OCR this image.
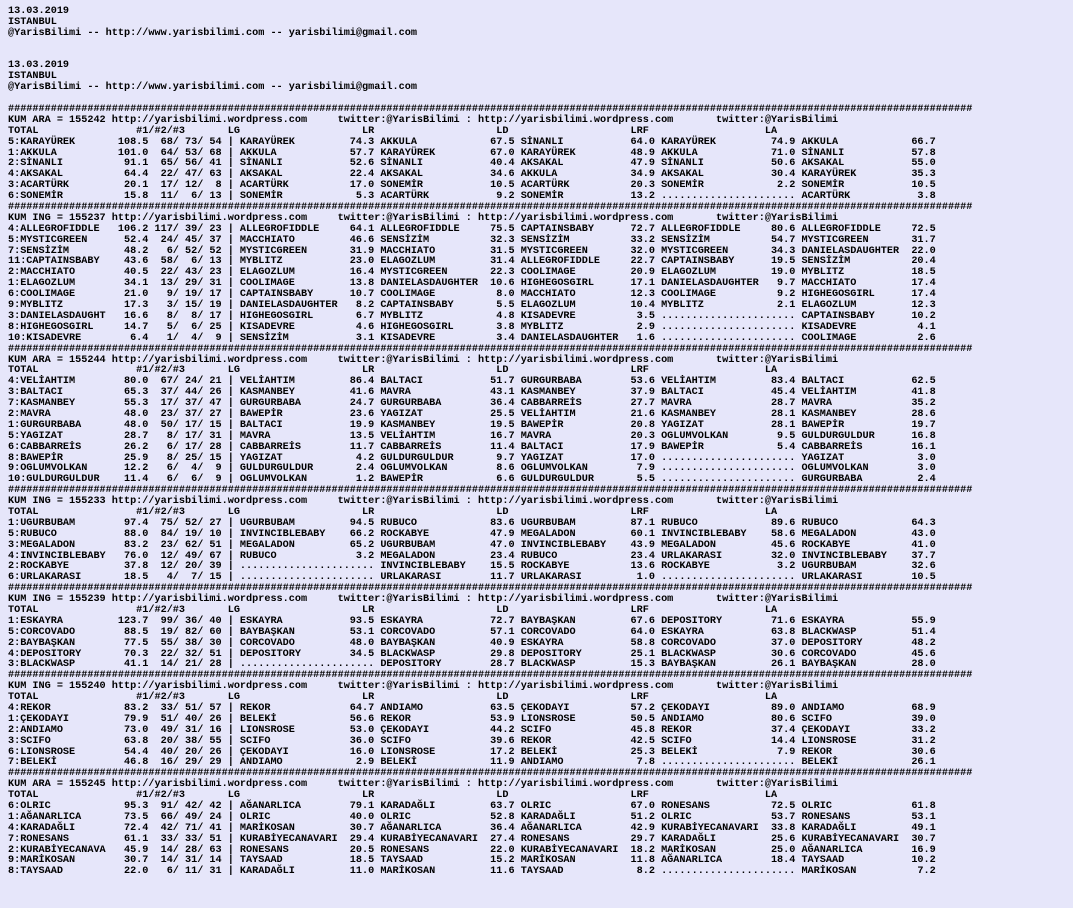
13.03.2019
ISTANBUL
@YarisBilimi -- http://www.yarisbilimi.com -- yarisbilimi@gmail.com

13.03.2019
ISTANBUL
@YarisBilimi -- http://www.yarisbilimi.com -- yarisbilimi@gmail.com

##############################################################################################################################################################
KUM ARA = 155242 http://yarisbilimi.wordpress.com     twitter:@YarisBilimi : http://yarisbilimi.wordpress.com       twitter:@YarisBilimi
TOTAL                #1/#2/#3       LG                    LR                    LD                    LRF                   LA
5:KARAYÜREK       108.5  68/ 73/ 54 | KARAYÜREK         74.3 AKKULA            67.5 SİNANLI           64.0 KARAYÜREK         74.9 AKKULA            66.7
1:AKKULA          101.0  64/ 53/ 68 | AKKULA            57.7 KARAYÜREK         67.0 KARAYÜREK         48.9 AKKULA            71.0 SİNANLI           57.8
2:SİNANLI          91.1  65/ 56/ 41 | SİNANLI           52.6 SİNANLI           40.4 AKSAKAL           47.9 SİNANLI           50.6 AKSAKAL           55.0
4:AKSAKAL          64.4  22/ 47/ 63 | AKSAKAL           22.4 AKSAKAL           34.6 AKKULA            34.9 AKSAKAL           30.4 KARAYÜREK         35.3
3:ACARTÜRK         20.1  17/ 12/  8 | ACARTÜRK          17.0 SONEMİR           10.5 ACARTÜRK          20.3 SONEMİR            2.2 SONEMİR           10.5
6:SONEMİR          15.8  11/  6/ 13 | SONEMİR            5.3 ACARTÜRK           9.2 SONEMİR           13.2 ...................... ACARTÜRK           3.8
##############################################################################################################################################################
KUM ING = 155237 http://yarisbilimi.wordpress.com     twitter:@YarisBilimi : http://yarisbilimi.wordpress.com       twitter:@YarisBilimi
4:ALLEGROFIDDLE   106.2 117/ 39/ 23 | ALLEGROFIDDLE     64.1 ALLEGROFIDDLE     75.5 CAPTAINSBABY      72.7 ALLEGROFIDDLE     80.6 ALLEGROFIDDLE     72.5
5:MYSTICGREEN      52.4  24/ 45/ 37 | MACCHIATO         46.6 SENSİZİM          32.3 SENSİZİM          33.2 SENSİZİM          54.7 MYSTICGREEN       31.7
7:SENSİZİM         48.2   6/ 52/ 52 | MYSTICGREEN       31.9 MACCHIATO         31.5 MYSTICGREEN       32.0 MYSTICGREEN       34.3 DANIELASDAUGHTER  22.0
11:CAPTAINSBABY    43.6  58/  6/ 13 | MYBLITZ           23.0 ELAGOZLUM         31.4 ALLEGROFIDDLE     22.7 CAPTAINSBABY      19.5 SENSİZİM          20.4
2:MACCHIATO        40.5  22/ 43/ 23 | ELAGOZLUM         16.4 MYSTICGREEN       22.3 COOLIMAGE         20.9 ELAGOZLUM         19.0 MYBLITZ           18.5
1:ELAGOZLUM        34.1  13/ 29/ 31 | COOLIMAGE         13.8 DANIELASDAUGHTER  10.6 HIGHEGOSGIRL      17.1 DANIELASDAUGHTER   9.7 MACCHIATO         17.4
6:COOLIMAGE        21.0   9/ 19/ 17 | CAPTAINSBABY      10.7 COOLIMAGE          8.0 MACCHIATO         12.3 COOLIMAGE          9.2 HIGHEGOSGIRL      17.4
9:MYBLITZ          17.3   3/ 15/ 19 | DANIELASDAUGHTER   8.2 CAPTAINSBABY       5.5 ELAGOZLUM         10.4 MYBLITZ            2.1 ELAGOZLUM         12.3
3:DANIELASDAUGHT   16.6   8/  8/ 17 | HIGHEGOSGIRL       6.7 MYBLITZ            4.8 KISADEVRE          3.5 ...................... CAPTAINSBABY      10.2
8:HIGHEGOSGIRL     14.7   5/  6/ 25 | KISADEVRE          4.6 HIGHEGOSGIRL       3.8 MYBLITZ            2.9 ...................... KISADEVRE          4.1
10:KISADEVRE        6.4   1/  4/  9 | SENSİZİM           3.1 KISADEVRE          3.4 DANIELASDAUGHTER   1.6 ...................... COOLIMAGE          2.6
##############################################################################################################################################################
KUM ARA = 155244 http://yarisbilimi.wordpress.com     twitter:@YarisBilimi : http://yarisbilimi.wordpress.com       twitter:@YarisBilimi
TOTAL                #1/#2/#3       LG                    LR                    LD                    LRF                   LA
4:VELİAHTIM        80.0  67/ 24/ 21 | VELİAHTIM         86.4 BALTACI           51.7 GURGURBABA        53.6 VELİAHTIM         83.4 BALTACI           62.5
3:BALTACI          65.3  37/ 44/ 26 | KASMANBEY         41.6 MAVRA             43.1 KASMANBEY         37.9 BALTACI           45.4 VELİAHTIM         41.8
7:KASMANBEY        55.3  17/ 37/ 47 | GURGURBABA        24.7 GURGURBABA        36.4 CABBARREİS        27.7 MAVRA             28.7 MAVRA             35.2
2:MAVRA            48.0  23/ 37/ 27 | BAWEPİR           23.6 YAGIZAT           25.5 VELİAHTIM         21.6 KASMANBEY         28.1 KASMANBEY         28.6
1:GURGURBABA       48.0  50/ 17/ 15 | BALTACI           19.9 KASMANBEY         19.5 BAWEPİR           20.8 YAGIZAT           28.1 BAWEPİR           19.7
5:YAGIZAT          28.7   8/ 17/ 31 | MAVRA             13.5 VELİAHTIM         16.7 MAVRA             20.3 OGLUMVOLKAN        9.5 GULDURGULDUR      16.8
6:CABBARREİS       26.2   6/ 17/ 28 | CABBARREİS        11.7 CABBARREİS        11.4 BALTACI           17.9 BAWEPİR            5.4 CABBARREİS        16.1
8:BAWEPİR          25.9   8/ 25/ 15 | YAGIZAT            4.2 GULDURGULDUR       9.7 YAGIZAT           17.0 ...................... YAGIZAT            3.0
9:OGLUMVOLKAN      12.2   6/  4/  9 | GULDURGULDUR       2.4 OGLUMVOLKAN        8.6 OGLUMVOLKAN        7.9 ...................... OGLUMVOLKAN        3.0
10:GULDURGULDUR    11.4   6/  6/  9 | OGLUMVOLKAN        1.2 BAWEPİR            6.6 GULDURGULDUR       5.5 ...................... GURGURBABA         2.4
##############################################################################################################################################################
KUM ING = 155233 http://yarisbilimi.wordpress.com     twitter:@YarisBilimi : http://yarisbilimi.wordpress.com       twitter:@YarisBilimi
TOTAL                #1/#2/#3       LG                    LR                    LD                    LRF                   LA
1:UGURBUBAM        97.4  75/ 52/ 27 | UGURBUBAM         94.5 RUBUCO            83.6 UGURBUBAM         87.1 RUBUCO            89.6 RUBUCO            64.3
5:RUBUCO           88.0  84/ 19/ 10 | INVINCIBLEBABY    66.2 ROCKABYE          47.9 MEGALADON         60.1 INVINCIBLEBABY    58.6 MEGALADON         43.0
3:MEGALADON        83.2  23/ 62/ 51 | MEGALADON         65.2 UGURBUBAM         47.0 INVINCIBLEBABY    43.9 MEGALADON         45.6 ROCKABYE          41.0
4:INVINCIBLEBABY   76.0  12/ 49/ 67 | RUBUCO             3.2 MEGALADON         23.4 RUBUCO            23.4 URLAKARASI        32.0 INVINCIBLEBABY    37.7
2:ROCKABYE         37.8  12/ 20/ 39 | ...................... INVINCIBLEBABY    15.5 ROCKABYE          13.6 ROCKABYE           3.2 UGURBUBAM         32.6
6:URLAKARASI       18.5   4/  7/ 15 | ...................... URLAKARASI        11.7 URLAKARASI         1.0 ...................... URLAKARASI        10.5
##############################################################################################################################################################
KUM ING = 155239 http://yarisbilimi.wordpress.com     twitter:@YarisBilimi : http://yarisbilimi.wordpress.com       twitter:@YarisBilimi
TOTAL                #1/#2/#3       LG                    LR                    LD                    LRF                   LA
1:ESKAYRA         123.7  99/ 36/ 40 | ESKAYRA           93.5 ESKAYRA           72.7 BAYBAŞKAN         67.6 DEPOSITORY        71.6 ESKAYRA           55.9
5:CORCOVADO        88.5  19/ 82/ 60 | BAYBAŞKAN         53.1 CORCOVADO         57.1 CORCOVADO         64.0 ESKAYRA           63.8 BLACKWASP         51.4
2:BAYBAŞKAN        77.5  55/ 38/ 30 | CORCOVADO         48.0 BAYBAŞKAN         40.9 ESKAYRA           58.8 CORCOVADO         37.0 DEPOSITORY        48.2
4:DEPOSITORY       70.3  22/ 32/ 51 | DEPOSITORY        34.5 BLACKWASP         29.8 DEPOSITORY        25.1 BLACKWASP         30.6 CORCOVADO         45.6
3:BLACKWASP        41.1  14/ 21/ 28 | ...................... DEPOSITORY        28.7 BLACKWASP         15.3 BAYBAŞKAN         26.1 BAYBAŞKAN         28.0
##############################################################################################################################################################
KUM ING = 155240 http://yarisbilimi.wordpress.com     twitter:@YarisBilimi : http://yarisbilimi.wordpress.com       twitter:@YarisBilimi
TOTAL                #1/#2/#3       LG                    LR                    LD                    LRF                   LA
4:REKOR            83.2  33/ 51/ 57 | REKOR             64.7 ANDIAMO           63.5 ÇEKODAYI          57.2 ÇEKODAYI          89.0 ANDIAMO           68.9
1:ÇEKODAYI         79.9  51/ 40/ 26 | BELEKİ            56.6 REKOR             53.9 LIONSROSE         50.5 ANDIAMO           80.6 SCIFO             39.0
2:ANDIAMO          73.0  49/ 31/ 16 | LIONSROSE         53.0 ÇEKODAYI          44.2 SCIFO             45.8 REKOR             37.4 ÇEKODAYI          33.2
3:SCIFO            63.8  20/ 38/ 55 | SCIFO             36.0 SCIFO             39.6 REKOR             42.5 SCIFO             14.4 LIONSROSE         31.2
6:LIONSROSE        54.4  40/ 20/ 26 | ÇEKODAYI          16.0 LIONSROSE         17.2 BELEKİ            25.3 BELEKİ             7.9 REKOR             30.6
7:BELEKİ           46.8  16/ 29/ 29 | ANDIAMO            2.9 BELEKİ            11.9 ANDIAMO            7.8 ...................... BELEKİ            26.1
##############################################################################################################################################################
KUM ARA = 155245 http://yarisbilimi.wordpress.com     twitter:@YarisBilimi : http://yarisbilimi.wordpress.com       twitter:@YarisBilimi
TOTAL                #1/#2/#3       LG                    LR                    LD                    LRF                   LA
6:OLRIC            95.3  91/ 42/ 42 | AĞANARLICA        79.1 KARADAĞLI         63.7 OLRIC             67.0 RONESANS          72.5 OLRIC             61.8
1:AĞANARLICA       73.5  66/ 49/ 24 | OLRIC             40.0 OLRIC             52.8 KARADAĞLI         51.2 OLRIC             53.7 RONESANS          53.1
4:KARADAĞLI        72.4  42/ 71/ 41 | MARİKOSAN         30.7 AĞANARLICA        36.4 AĞANARLICA        42.9 KURABİYECANAVARI  33.8 KARADAĞLI         49.1
7:RONESANS         61.1  33/ 33/ 51 | KURABİYECANAVARI  29.4 KURABİYECANAVARI  27.4 RONESANS          29.7 KARADAĞLI         25.6 KURABİYECANAVARI  30.7
2:KURABİYECANAVA   45.9  14/ 28/ 63 | RONESANS          20.5 RONESANS          22.0 KURABİYECANAVARI  18.2 MARİKOSAN         25.0 AĞANARLICA        16.9
9:MARİKOSAN        30.7  14/ 31/ 14 | TAYSAAD           18.5 TAYSAAD           15.2 MARİKOSAN         11.8 AĞANARLICA        18.4 TAYSAAD           10.2
8:TAYSAAD          22.0   6/ 11/ 31 | KARADAĞLI         11.0 MARİKOSAN         11.6 TAYSAAD            8.2 ...................... MARİKOSAN          7.2
